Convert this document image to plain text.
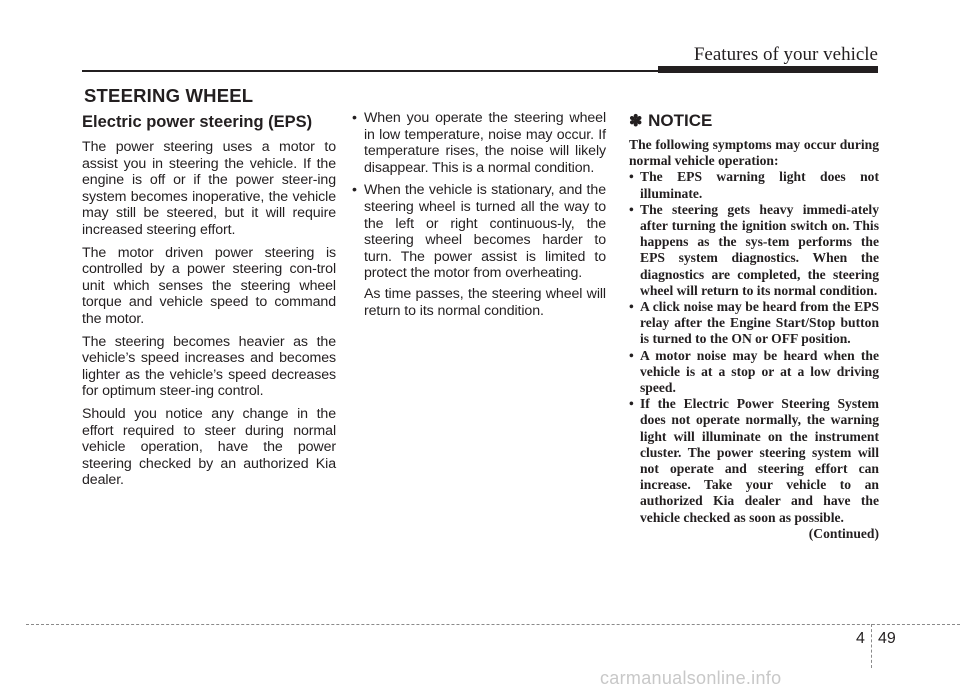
Features of your vehicle
STEERING WHEEL
Electric power steering (EPS)

The power steering uses a motor to assist you in steering the vehicle. If the engine is off or if the power steer-ing system becomes inoperative, the vehicle may still be steered, but it will require increased steering effort.

The motor driven power steering is controlled by a power steering con-trol unit which senses the steering wheel torque and vehicle speed to command the motor.

The steering becomes heavier as the vehicle’s speed increases and becomes lighter as the vehicle’s speed decreases for optimum steer-ing control.

Should you notice any change in the effort required to steer during normal vehicle operation, have the power steering checked by an authorized Kia dealer.

• When you operate the steering wheel in low temperature, noise may occur. If temperature rises, the noise will likely disappear. This is a normal condition.
• When the vehicle is stationary, and the steering wheel is turned all the way to the left or right continuous-ly, the steering wheel becomes harder to turn. The power assist is limited to protect the motor from overheating.

As time passes, the steering wheel will return to its normal condition.

✽ NOTICE

The following symptoms may occur during normal vehicle operation:

• The EPS warning light does not illuminate.
• The steering gets heavy immedi-ately after turning the ignition switch on. This happens as the sys-tem performs the EPS system diagnostics. When the diagnostics are completed, the steering wheel will return to its normal condition.
• A click noise may be heard from the EPS relay after the Engine Start/Stop button is turned to the ON or OFF position.
• A motor noise may be heard when the vehicle is at a stop or at a low driving speed.
• If the Electric Power Steering System does not operate normally, the warning light will illuminate on the instrument cluster. The power steering system will not operate and steering effort can increase. Take your vehicle to an authorized Kia dealer and have the vehicle checked as soon as possible.

(Continued)

4 49
carmanualsonline.info
